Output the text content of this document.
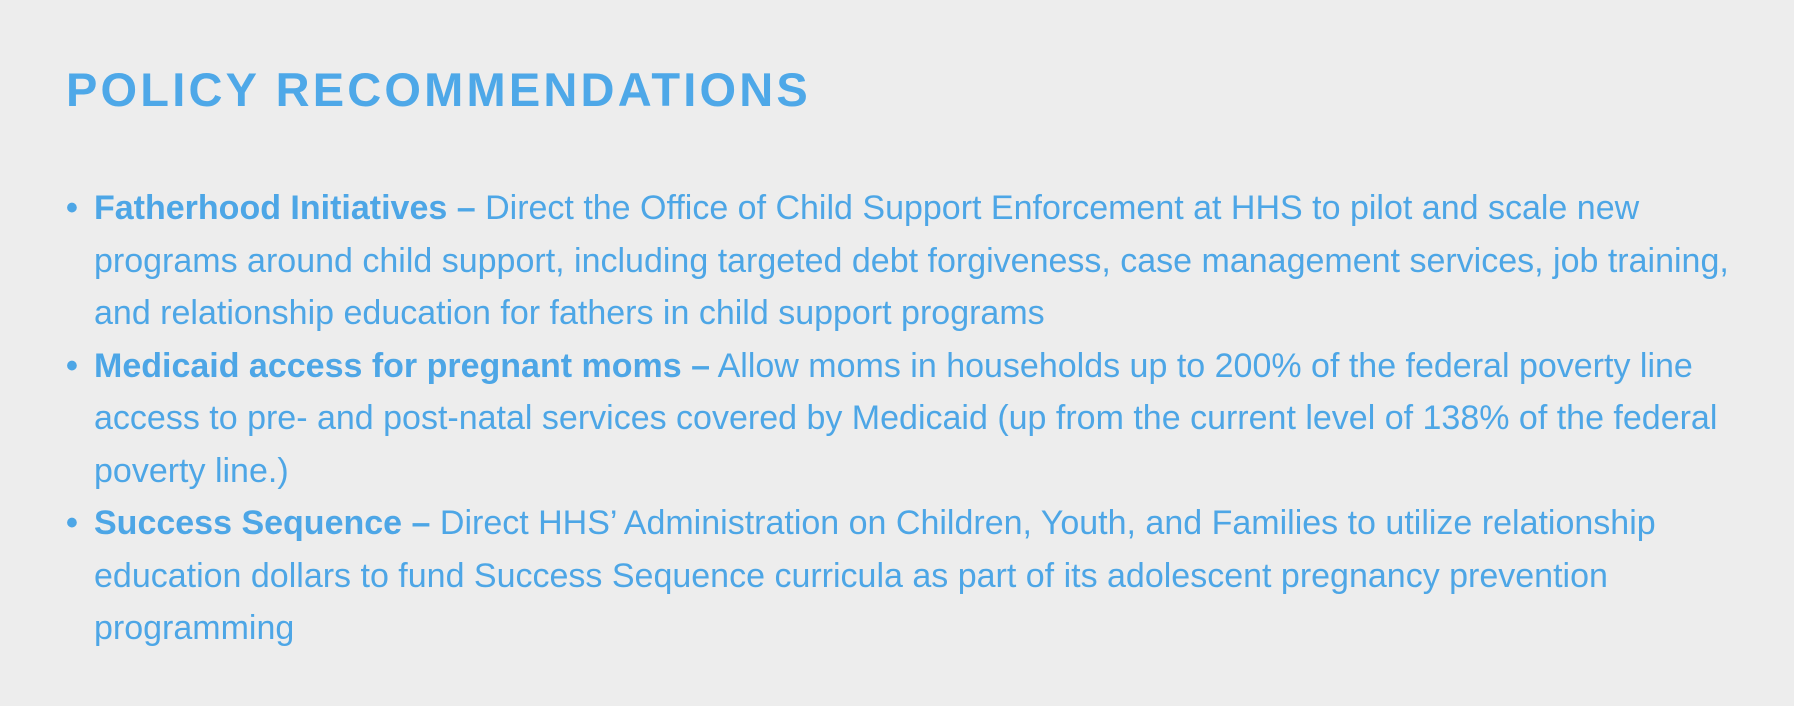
POLICY RECOMMENDATIONS
• Fatherhood Initiatives – Direct the Office of Child Support Enforcement at HHS to pilot and scale new programs around child support, including targeted debt forgiveness, case management services, job training, and relationship education for fathers in child support programs
• Medicaid access for pregnant moms – Allow moms in households up to 200% of the federal poverty line access to pre- and post-natal services covered by Medicaid (up from the current level of 138% of the federal poverty line.)
• Success Sequence – Direct HHS’ Administration on Children, Youth, and Families to utilize relationship education dollars to fund Success Sequence curricula as part of its adolescent pregnancy prevention programming
